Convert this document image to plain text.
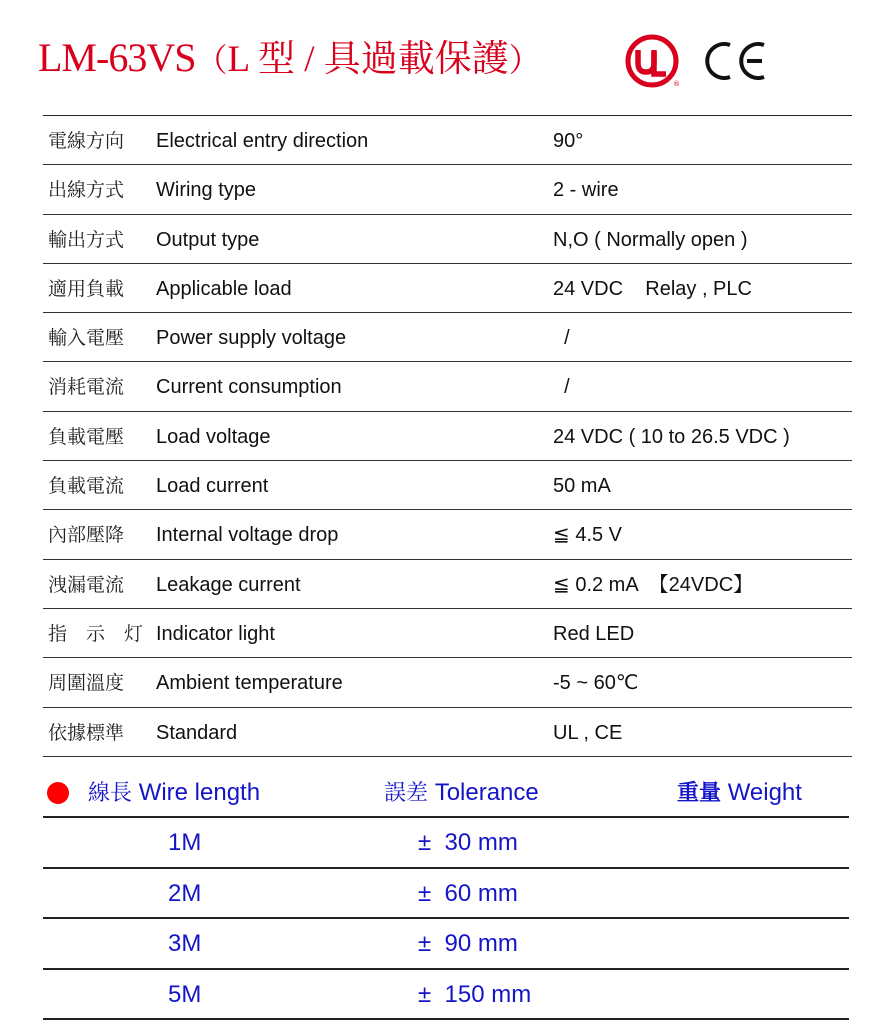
LM-63VS（L 型 / 具過載保護）
®
電線方向 Electrical entry direction	90°
出線方式 Wiring type	2 - wire
輸出方式 Output type	N,O ( Normally open )
適用負載 Applicable load	24 VDC    Relay , PLC
輸入電壓 Power supply voltage	/
消耗電流 Current consumption	/
負載電壓 Load voltage	24 VDC ( 10 to 26.5 VDC )
負載電流 Load current	50 mA
內部壓降 Internal voltage drop	≦ 4.5 V
洩漏電流 Leakage current	≦ 0.2 mA  【24VDC】
指　示　灯 Indicator light	Red LED
周圍溫度 Ambient temperature	-5 ~ 60℃
依據標準 Standard	UL , CE
線長 Wire length	誤差 Tolerance	重量 Weight
1M	±  30 mm
2M	±  60 mm
3M	±  90 mm
5M	±  150 mm
